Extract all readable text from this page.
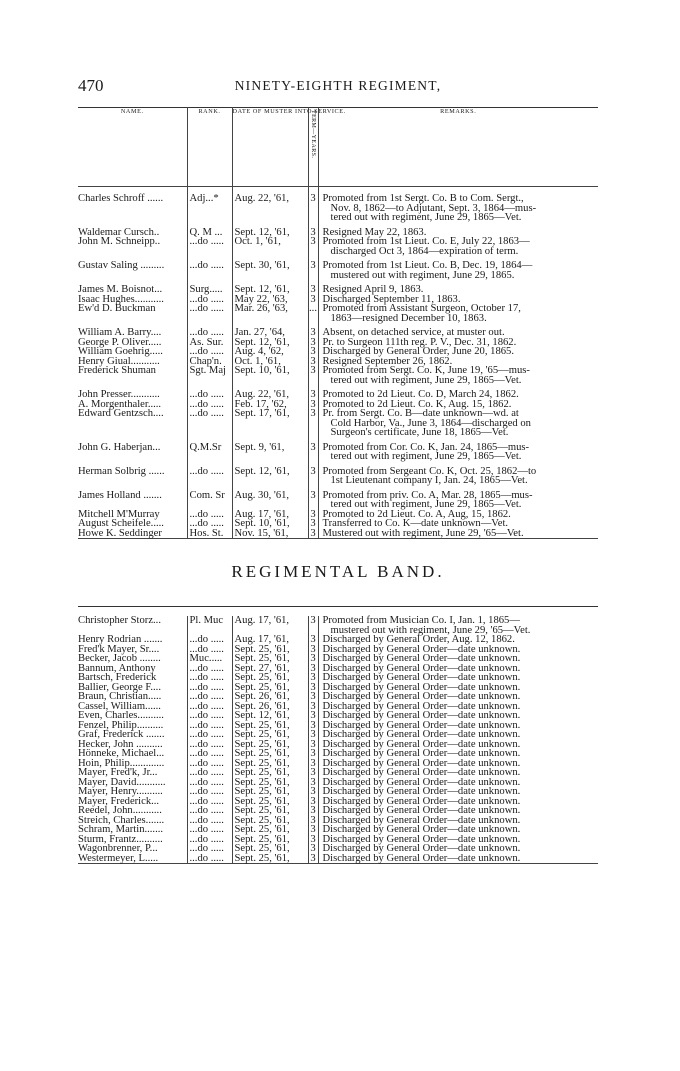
470	NINETY-EIGHTH REGIMENT,
NAME.	RANK.	DATE OF MUSTER INTO SERVICE.	TERM—YEARS.	REMARKS.

Charles Schroff ......	Adj...*	Aug. 22, '61,	3	Promoted from 1st Sergt. Co. B to Com. Sergt.,
Nov. 8, 1862—to Adjutant, Sept. 3, 1864—mus-
tered out with regiment, June 29, 1865—Vet.

Waldemar Cursch..	Q. M ...	Sept. 12, '61,	3	Resigned May 22, 1863.

John M. Schneipp..	...do .....	Oct. 1, '61,	3	Promoted from 1st Lieut. Co. E, July 22, 1863—
discharged Oct 3, 1864—expiration of term.

Gustav Saling .........	...do .....	Sept. 30, '61,	3	Promoted from 1st Lieut. Co. B, Dec. 19, 1864—
mustered out with regiment, June 29, 1865.

James M. Boisnot...	Surg.....	Sept. 12, '61,	3	Resigned April 9, 1863.

Isaac Hughes...........	...do .....	May 22, '63,	3	Discharged September 11, 1863.

Ew'd D. Buckman	...do .....	Mar. 26, '63,	...	Promoted from Assistant Surgeon, October 17,
1863—resigned December 10, 1863.

William A. Barry....	...do .....	Jan. 27, '64,	3	Absent, on detached service, at muster out.

George P. Oliver.....	As. Sur.	Sept. 12, '61,	3	Pr. to Surgeon 111th reg. P. V., Dec. 31, 1862.

William Goehrig.....	...do .....	Aug. 4, '62,	3	Discharged by General Order, June 20, 1865.

Henry Giual...........	Chap'n.	Oct. 1, '61,	3	Resigned September 26, 1862.

Frederick Shuman	Sgt. Maj	Sept. 10, '61,	3	Promoted from Sergt. Co. K, June 19, '65—mus-
tered out with regiment, June 29, 1865—Vet.

John Presser...........	...do .....	Aug. 22, '61,	3	Promoted to 2d Lieut. Co. D, March 24, 1862.

A. Morgenthaler.....	...do .....	Feb. 17, '62,	3	Promoted to 2d Lieut. Co. K, Aug. 15, 1862.

Edward Gentzsch....	...do .....	Sept. 17, '61,	3	Pr. from Sergt. Co. B—date unknown—wd. at
Cold Harbor, Va., June 3, 1864—discharged on
Surgeon's certificate, June 18, 1865—Vet.

John G. Haberjan...	Q.M.Sr	Sept. 9, '61,	3	Promoted from Cor. Co. K, Jan. 24, 1865—mus-
tered out with regiment, June 29, 1865—Vet.

Herman Solbrig ......	...do .....	Sept. 12, '61,	3	Promoted from Sergeant Co. K, Oct. 25, 1862—to
1st Lieutenant company I, Jan. 24, 1865—Vet.

James Holland .......	Com. Sr	Aug. 30, '61,	3	Promoted from priv. Co. A, Mar. 28, 1865—mus-
tered out with regiment, June 29, 1865—Vet.

Mitchell M'Murray	...do .....	Aug. 17, '61,	3	Promoted to 2d Lieut. Co. A, Aug, 15, 1862.

August Scheifele.....	...do .....	Sept. 10, '61,	3	Transferred to Co. K—date unknown—Vet.

Howe K. Seddinger	Hos. St.	Nov. 15, '61,	3	Mustered out with regiment, June 29, '65—Vet.
REGIMENTAL BAND.
Christopher Storz...	Pl. Muc	Aug. 17, '61,	3	Promoted from Musician Co. I, Jan. 1, 1865—
mustered out with regiment, June 29, '65—Vet.

Henry Rodrian .......	...do .....	Aug. 17, '61,	3	Discharged by General Order, Aug. 12, 1862.

Fred'k Mayer, Sr....	...do .....	Sept. 25, '61,	3	Discharged by General Order—date unknown.

Becker, Jacob ........	Muc.....	Sept. 25, '61,	3	Discharged by General Order—date unknown.

Bannum, Anthony	...do .....	Sept. 27, '61,	3	Discharged by General Order—date unknown.

Bartsch, Frederick	...do .....	Sept. 25, '61,	3	Discharged by General Order—date unknown.

Ballier, George F....	...do .....	Sept. 25, '61,	3	Discharged by General Order—date unknown.

Braun, Christian.....	...do .....	Sept. 26, '61,	3	Discharged by General Order—date unknown.

Cassel, William......	...do .....	Sept. 26, '61,	3	Discharged by General Order—date unknown.

Even, Charles..........	...do .....	Sept. 12, '61,	3	Discharged by General Order—date unknown.

Fenzel, Philip..........	...do .....	Sept. 25, '61,	3	Discharged by General Order—date unknown.

Graf, Frederick .......	...do .....	Sept. 25, '61,	3	Discharged by General Order—date unknown.

Hecker, John ..........	...do .....	Sept. 25, '61,	3	Discharged by General Order—date unknown.

Hönneke, Michael...	...do .....	Sept. 25, '61,	3	Discharged by General Order—date unknown.

Hoin, Philip.............	...do .....	Sept. 25, '61,	3	Discharged by General Order—date unknown.

Mayer, Fred'k, Jr...	...do .....	Sept. 25, '61,	3	Discharged by General Order—date unknown.

Mayer, David...........	...do .....	Sept. 25, '61,	3	Discharged by General Order—date unknown.

Mayer, Henry..........	...do .....	Sept. 25, '61,	3	Discharged by General Order—date unknown.

Mayer, Frederick...	...do .....	Sept. 25, '61,	3	Discharged by General Order—date unknown.

Reedel, John...........	...do .....	Sept. 25, '61,	3	Discharged by General Order—date unknown.

Streich, Charles.......	...do .....	Sept. 25, '61,	3	Discharged by General Order—date unknown.

Schram, Martin.......	...do .....	Sept. 25, '61,	3	Discharged by General Order—date unknown.

Sturm, Frantz..........	...do .....	Sept. 25, '61,	3	Discharged by General Order—date unknown.

Wagonbrenner, P...	...do .....	Sept. 25, '61,	3	Discharged by General Order—date unknown.

Westermeyer, L.....	...do .....	Sept. 25, '61,	3	Discharged by General Order—date unknown.
